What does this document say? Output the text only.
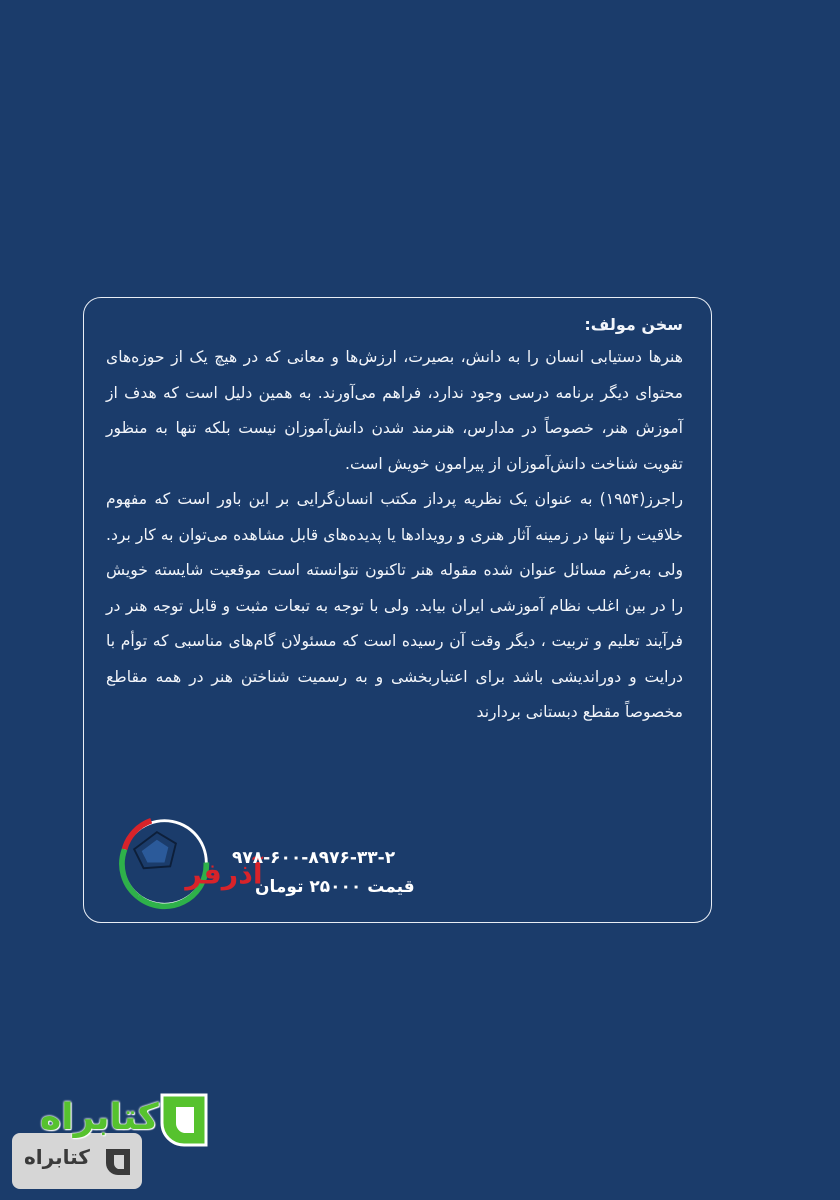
سخن مولف:

هنرها دستیابی انسان را به دانش، بصیرت، ارزش‌ها و معانی که در هیچ یک از حوزه‌های محتوای دیگر برنامه درسی وجود ندارد، فراهم می‌آورند. به همین دلیل است که هدف از آموزش هنر، خصوصاً در مدارس، هنرمند شدن دانش‌آموزان نیست بلکه تنها به منظور تقویت شناخت دانش‌آموزان از پیرامون خویش است.

راجرز(۱۹۵۴) به عنوان یک نظریه پرداز مکتب انسان‌گرایی بر این باور است که مفهوم خلاقیت را تنها در زمینه آثار هنری و رویدادها یا پدیده‌های قابل مشاهده می‌توان به کار برد. ولی به‌رغم مسائل عنوان شده مقوله هنر تاکنون نتوانسته است موقعیت شایسته خویش را در بین اغلب نظام آموزشی ایران بیابد. ولی با توجه به تبعات مثبت و قابل توجه هنر در فرآیند تعلیم و تربیت ، دیگر وقت آن رسیده است که مسئولان گام‌های مناسبی که توأم با درایت و دوراندیشی باشد برای اعتباربخشی و به رسمیت شناختن هنر در همه مقاطع مخصوصاً مقطع دبستانی بردارند

آذرفر
۹۷۸-۶۰۰-۸۹۷۶-۳۳-۲
قیمت ۲۵۰۰۰ تومان
کتابراه
کتابراه
